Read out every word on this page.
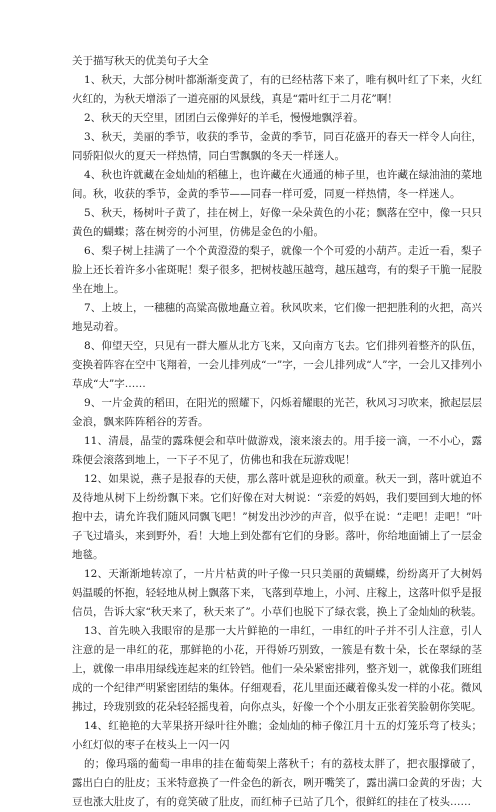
关于描写秋天的优美句子大全

1、秋天，大部分树叶都渐渐变黄了，有的已经枯落下来了，唯有枫叶红了下来，火红火红的，为秋天增添了一道亮丽的风景线，真是“霜叶红于二月花”啊！

2、秋天的天空里，团团白云像弹好的羊毛，慢慢地飘浮着。

3、秋天，美丽的季节，收获的季节，金黄的季节，同百花盛开的春天一样令人向往，同骄阳似火的夏天一样热情，同白雪飘飘的冬天一样迷人。

4、秋也许就藏在金灿灿的稻穗上，也许藏在火通通的柿子里，也许藏在绿油油的菜地间。秋，收获的季节，金黄的季节——同春一样可爱，同夏一样热情，冬一样迷人。

5、秋天，杨树叶子黄了，挂在树上，好像一朵朵黄色的小花；飘落在空中，像一只只黄色的蝴蝶；落在树旁的小河里，仿佛是金色的小船。

6、梨子树上挂满了一个个黄澄澄的梨子，就像一个个可爱的小葫芦。走近一看，梨子脸上还长着许多小雀斑呢！梨子很多，把树枝越压越弯，越压越弯，有的梨子干脆一屁股坐在地上。

7、上坡上，一穗穗的高粱高傲地矗立着。秋风吹来，它们像一把把胜利的火把，高兴地晃动着。

8、仰望天空，只见有一群大雁从北方飞来，又向南方飞去。它们排列着整齐的队伍，变换着阵容在空中飞翔着，一会儿排列成“一”字，一会儿排列成“人”字，一会儿又排列小草成“大”字……

9、一片金黄的稻田，在阳光的照耀下，闪烁着耀眼的光芒，秋风习习吹来，掀起层层金浪，飘来阵阵稻谷的芳香。

11、清晨，晶莹的露珠便会和草叶做游戏，滚来滚去的。用手接一滴，一不小心，露珠便会滚落到地上，一下子不见了，仿佛也和我在玩游戏呢！

12、如果说，燕子是报春的天使，那么落叶就是迎秋的顽童。秋天一到，落叶就迫不及待地从树下上纷纷飘下来。它们好像在对大树说：“亲爱的妈妈，我们要回到大地的怀抱中去，请允许我们随风同飘飞吧！”树发出沙沙的声音，似乎在说：“走吧！走吧！”叶子飞过墙头，来到野外，看！大地上到处都有它们的身影。落叶，你给地面铺上了一层金地毯。

12、天渐渐地转凉了，一片片枯黄的叶子像一只只美丽的黄蝴蝶，纷纷离开了大树妈妈温暖的怀抱，轻轻地从树上飘落下来，飞落到草地上，小河、庄稼上，这落叶似乎是报信员，告诉大家“秋天来了，秋天来了”。小草们也脱下了绿衣裳，换上了金灿灿的秋装。

13、首先映入我眼帘的是那一大片鲜艳的一串红，一串红的叶子并不引人注意，引人注意的是一串红的花，那鲜艳的小花，开得娇巧别致，一簇是有数十朵，长在翠绿的茎上，就像一串串用绿线连起来的红铃铛。他们一朵朵紧密排列，整齐划一，就像我们班组成的一个纪律严明紧密团结的集体。仔细观看，花儿里面还藏着像头发一样的小花。微风拂过，玲珑别致的花朵轻轻摇曳着，向你点头，好像一个个小朋友正张着笑脸朝你笑呢。

14、红艳艳的大苹果挤开绿叶往外瞧；金灿灿的柿子像江月十五的灯笼乐弯了枝头；小红灯似的枣子在枝头上一闪一闪

的；像玛瑙的葡萄一串串的挂在葡萄架上落秋千；有的荔枝太胖了，把衣服撑破了，露出白白的肚皮；玉米特意换了一件金色的新衣，咧开嘴笑了，露出满口金黄的牙齿；大豆也涨大肚皮了，有的竟笑破了肚皮，而红柿子已站了几个，很鲜红的挂在了枝头……
